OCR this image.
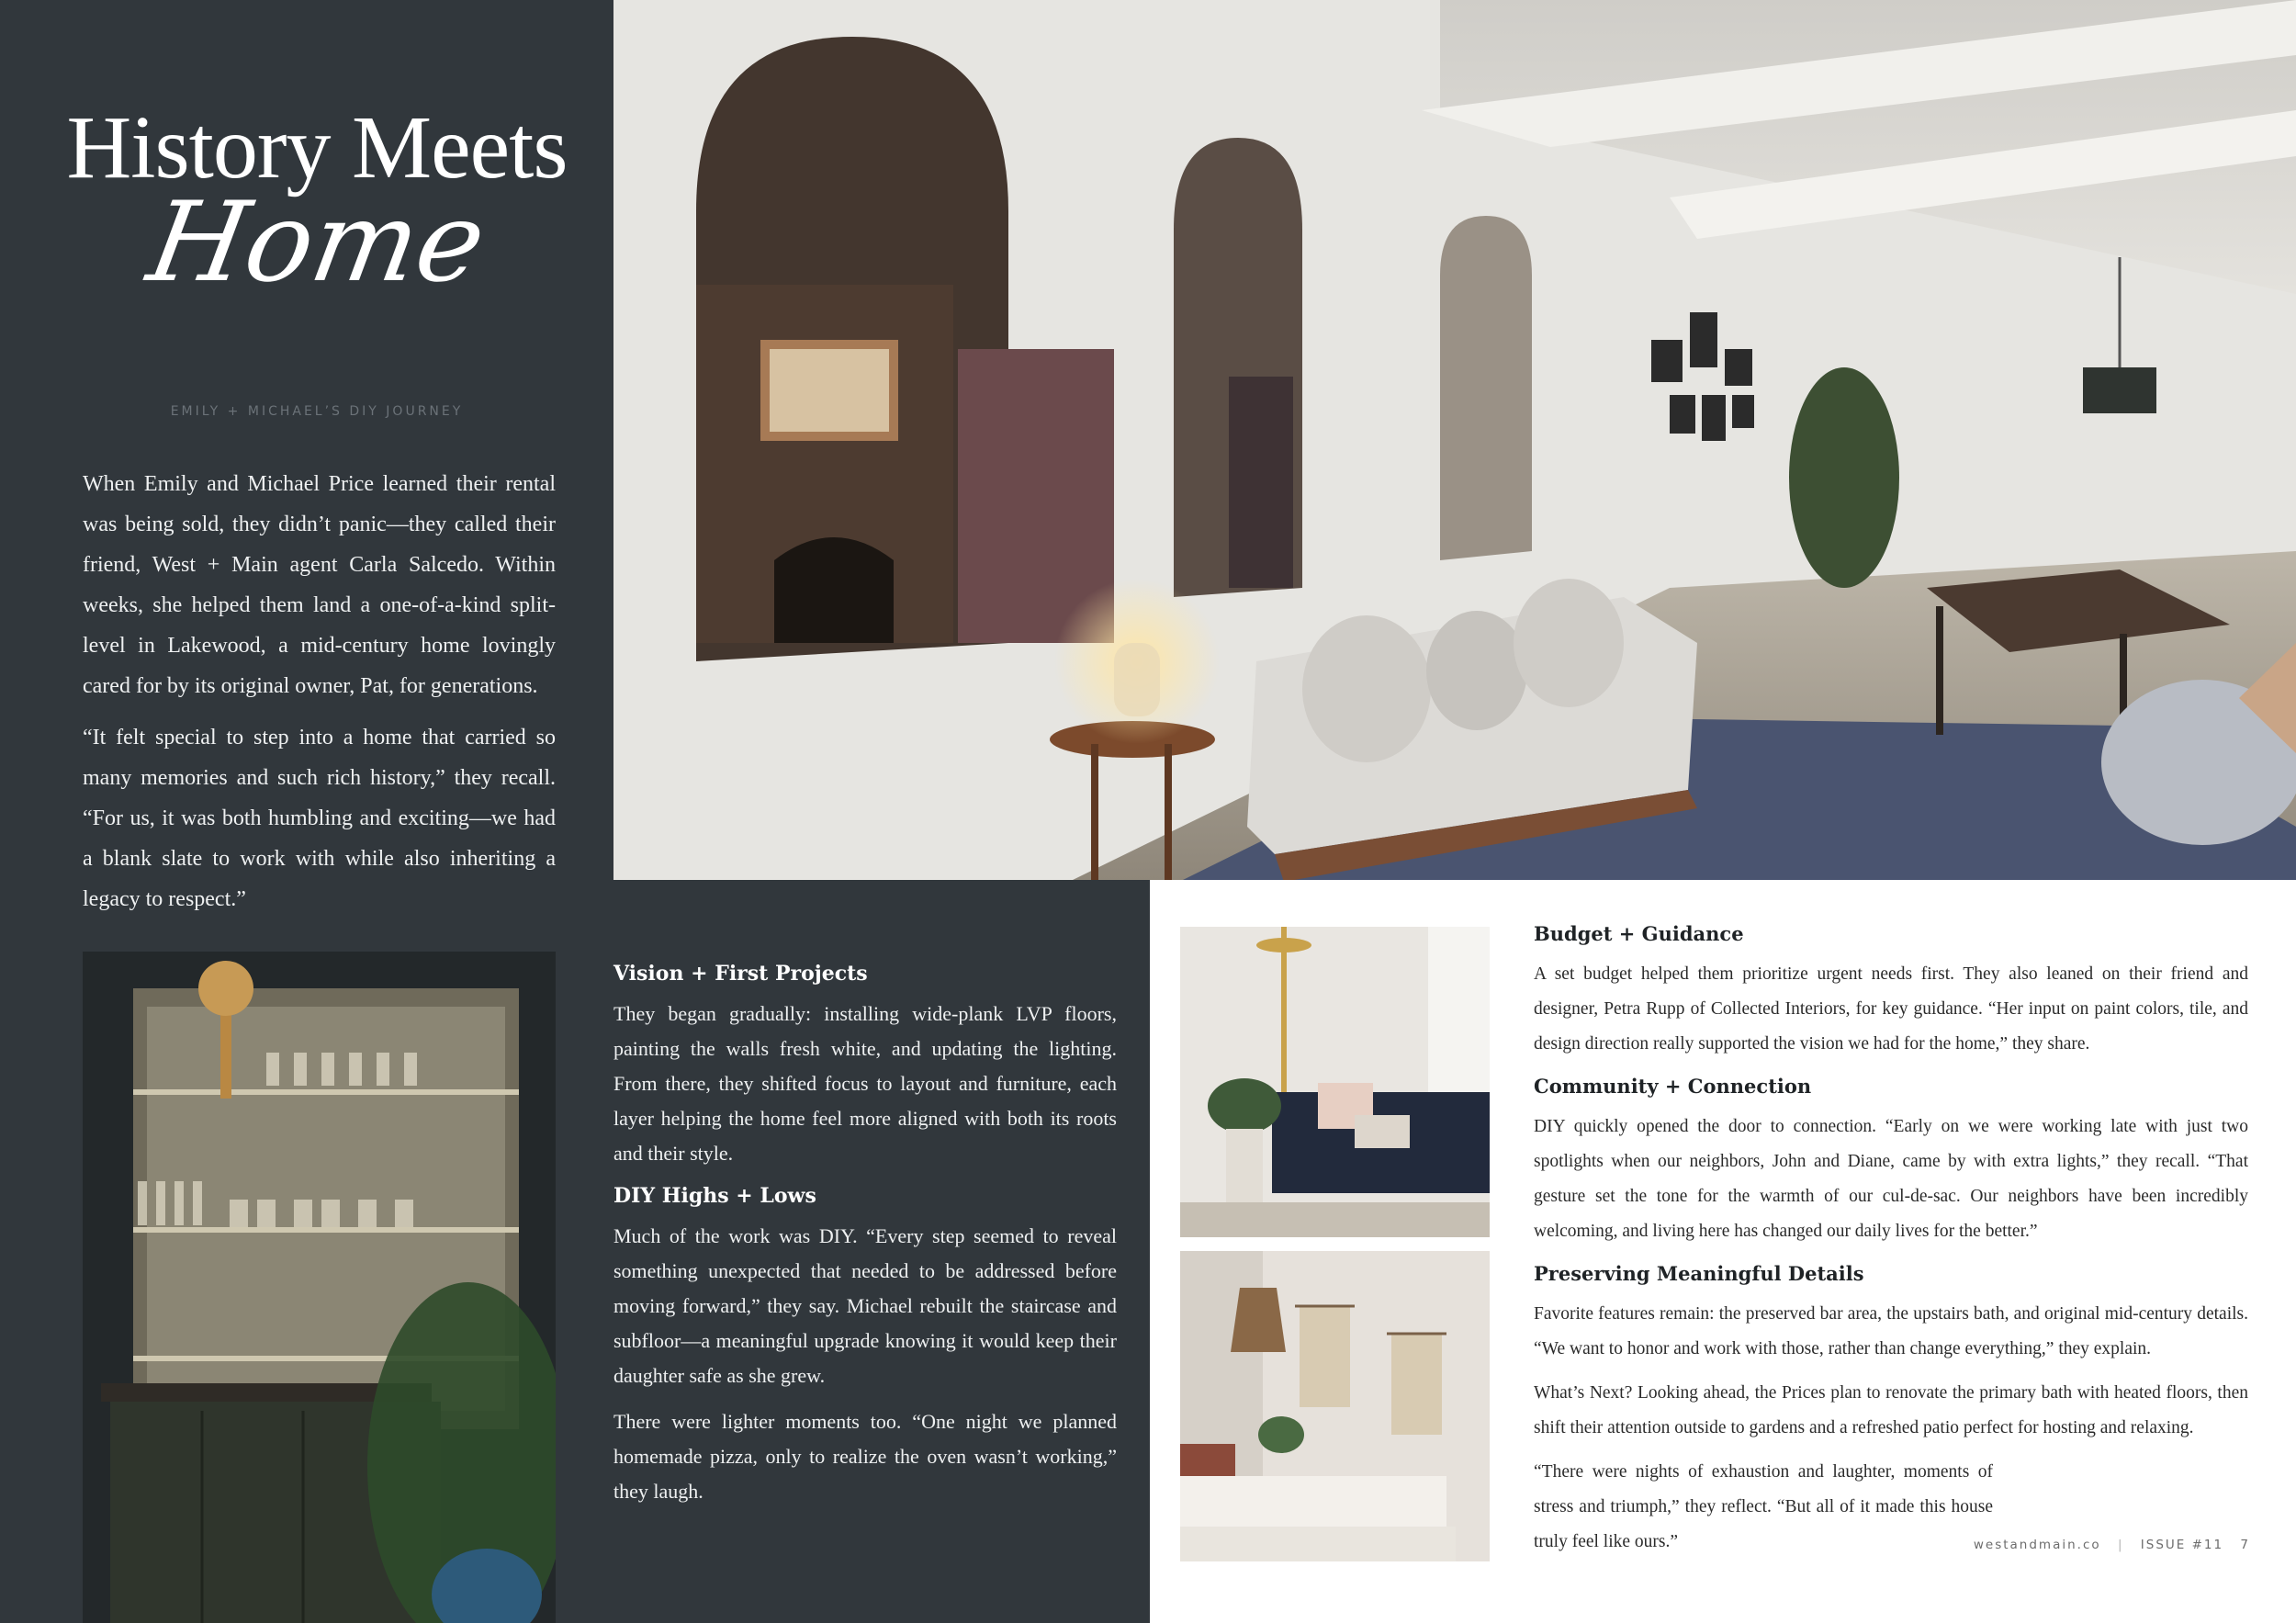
History Meets
Home
EMILY + MICHAEL’S DIY JOURNEY

When Emily and Michael Price learned their rental was being sold, they didn’t panic—they called their friend, West + Main agent Carla Salcedo. Within weeks, she helped them land a one-of-a-kind split-level in Lakewood, a mid-century home lovingly cared for by its original owner, Pat, for generations.

“It felt special to step into a home that carried so many memories and such rich history,” they recall. “For us, it was both humbling and exciting—we had a blank slate to work with while also inheriting a legacy to respect.”

Vision + First Projects

They began gradually: installing wide-plank LVP floors, painting the walls fresh white, and updating the lighting. From there, they shifted focus to layout and furniture, each layer helping the home feel more aligned with both its roots and their style.

DIY Highs + Lows

Much of the work was DIY. “Every step seemed to reveal something unexpected that needed to be addressed before moving forward,” they say. Michael rebuilt the staircase and subfloor—a meaningful upgrade knowing it would keep their daughter safe as she grew.

There were lighter moments too. “One night we planned homemade pizza, only to realize the oven wasn’t working,” they laugh.

Budget + Guidance

A set budget helped them prioritize urgent needs first. They also leaned on their friend and designer, Petra Rupp of Collected Interiors, for key guidance. “Her input on paint colors, tile, and design direction really supported the vision we had for the home,” they share.

Community + Connection

DIY quickly opened the door to connection. “Early on we were working late with just two spotlights when our neighbors, John and Diane, came by with extra lights,” they recall. “That gesture set the tone for the warmth of our cul-de-sac. Our neighbors have been incredibly welcoming, and living here has changed our daily lives for the better.”

Preserving Meaningful Details

Favorite features remain: the preserved bar area, the upstairs bath, and original mid-century details. “We want to honor and work with those, rather than change everything,” they explain.

What’s Next? Looking ahead, the Prices plan to renovate the primary bath with heated floors, then shift their attention outside to gardens and a refreshed patio perfect for hosting and relaxing.

“There were nights of exhaustion and laughter, moments of stress and triumph,” they reflect. “But all of it made this house truly feel like ours.”	westandmain.co | ISSUE #11 7
